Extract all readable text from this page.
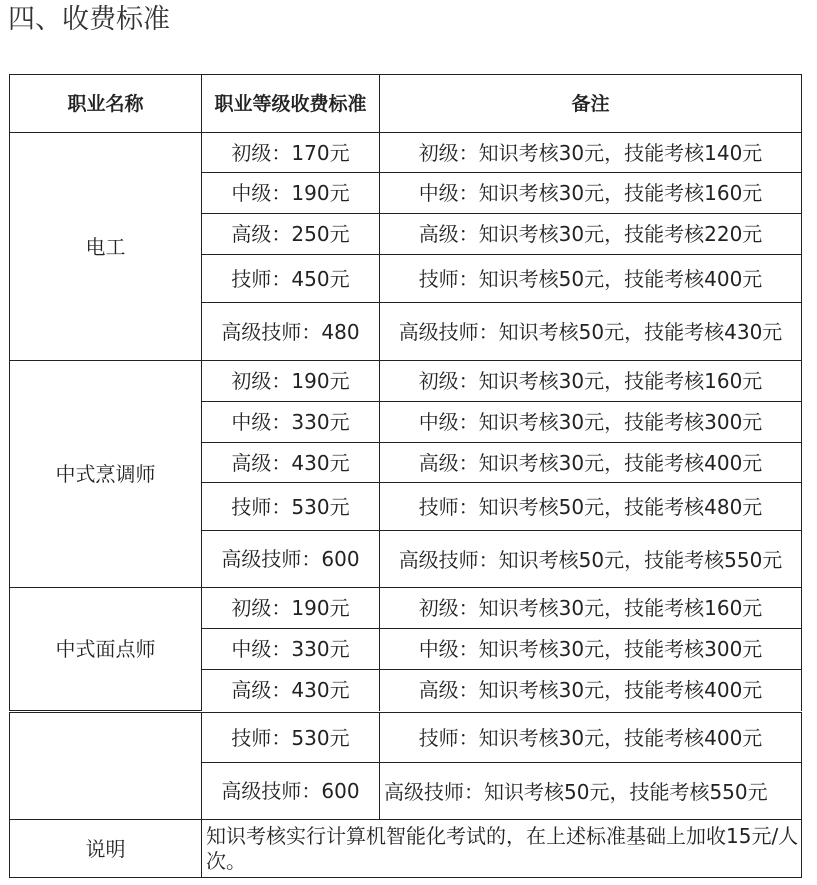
四、收费标准
职业名称	职业等级收费标准	备注
电工	初级：170元	初级：知识考核30元，技能考核140元
	中级：190元	中级：知识考核30元，技能考核160元
	高级：250元	高级：知识考核30元，技能考核220元
	技师：450元	技师：知识考核50元，技能考核400元
	高级技师：480	高级技师：知识考核50元，技能考核430元
中式烹调师	初级：190元	初级：知识考核30元，技能考核160元
	中级：330元	中级：知识考核30元，技能考核300元
	高级：430元	高级：知识考核30元，技能考核400元
	技师：530元	技师：知识考核50元，技能考核480元
	高级技师：600	高级技师：知识考核50元，技能考核550元
中式面点师	初级：190元	初级：知识考核30元，技能考核160元
	中级：330元	中级：知识考核30元，技能考核300元
	高级：430元	高级：知识考核30元，技能考核400元
	技师：530元	技师：知识考核30元，技能考核400元
	高级技师：600	高级技师：知识考核50元，技能考核550元
说明	知识考核实行计算机智能化考试的，在上述标准基础上加收15元/人次。	
